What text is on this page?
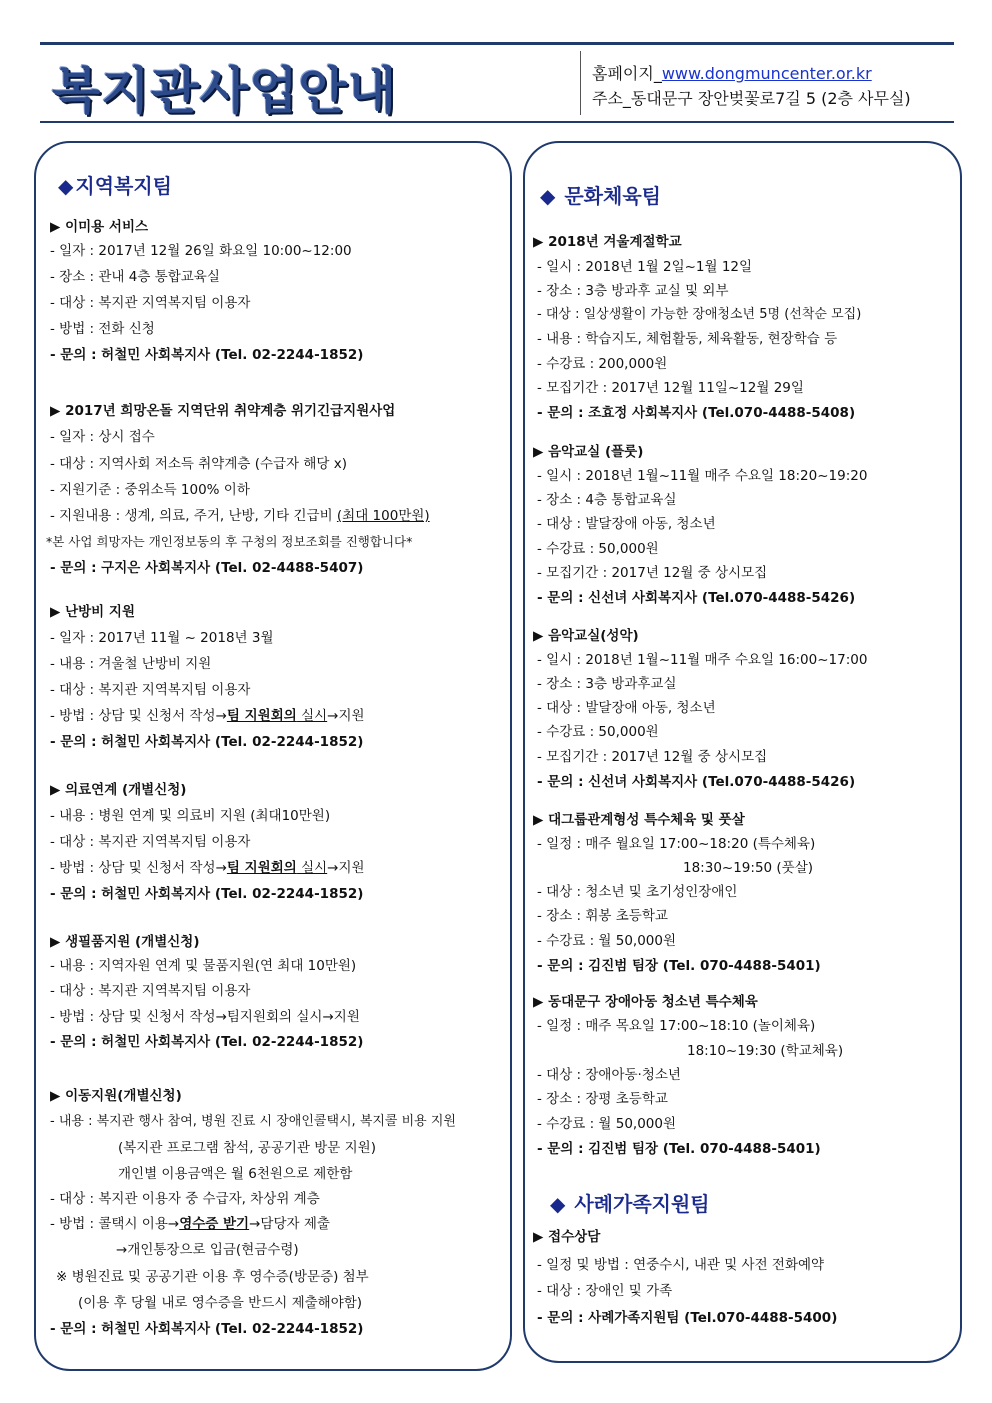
복지관사업안내	홈페이지_www.dongmuncenter.or.kr
주소_동대문구 장안벚꽃로7길 5 (2층 사무실)
◆ 지역복지팀
▶ 이미용 서비스
- 일자 : 2017년 12월 26일 화요일 10:00~12:00
- 장소 : 관내 4층 통합교육실
- 대상 : 복지관 지역복지팀 이용자
- 방법 : 전화 신청
- 문의 : 허철민 사회복지사 (Tel. 02-2244-1852)
▶ 2017년 희망온돌 지역단위 취약계층 위기긴급지원사업
- 일자 : 상시 접수
- 대상 : 지역사회 저소득 취약계층 (수급자 해당 x)
- 지원기준 : 중위소득 100% 이하
- 지원내용 : 생계, 의료, 주거, 난방, 기타 긴급비 (최대 100만원)
*본 사업 희망자는 개인정보동의 후 구청의 정보조회를 진행합니다*
- 문의 : 구지은 사회복지사 (Tel. 02-4488-5407)
▶ 난방비 지원
- 일자 : 2017년 11월 ~ 2018년 3월
- 내용 : 겨울철 난방비 지원
- 대상 : 복지관 지역복지팀 이용자
- 방법 : 상담 및 신청서 작성→팀 지원회의 실시→지원
- 문의 : 허철민 사회복지사 (Tel. 02-2244-1852)
▶ 의료연계 (개별신청)
- 내용 : 병원 연계 및 의료비 지원 (최대10만원)
- 대상 : 복지관 지역복지팀 이용자
- 방법 : 상담 및 신청서 작성→팀 지원회의 실시→지원
- 문의 : 허철민 사회복지사 (Tel. 02-2244-1852)
▶ 생필품지원 (개별신청)
- 내용 : 지역자원 연계 및 물품지원(연 최대 10만원)
- 대상 : 복지관 지역복지팀 이용자
- 방법 : 상담 및 신청서 작성→팀지원회의 실시→지원
- 문의 : 허철민 사회복지사 (Tel. 02-2244-1852)
▶ 이동지원(개별신청)
- 내용 : 복지관 행사 참여, 병원 진료 시 장애인콜택시, 복지콜 비용 지원
(복지관 프로그램 참석, 공공기관 방문 지원)
개인별 이용금액은 월 6천원으로 제한함
- 대상 : 복지관 이용자 중 수급자, 차상위 계층
- 방법 : 콜택시 이용→영수증 받기→담당자 제출
→개인통장으로 입금(현금수령)
※ 병원진료 및 공공기관 이용 후 영수증(방문증) 첨부
(이용 후 당월 내로 영수증을 반드시 제출해야함)
- 문의 : 허철민 사회복지사 (Tel. 02-2244-1852)
◆ 문화체육팀
▶ 2018년 겨울계절학교
- 일시 : 2018년 1월 2일~1월 12일
- 장소 : 3층 방과후 교실 및 외부
- 대상 : 일상생활이 가능한 장애청소년 5명 (선착순 모집)
- 내용 : 학습지도, 체험활동, 체육활동, 현장학습 등
- 수강료 : 200,000원
- 모집기간 : 2017년 12월 11일~12월 29일
- 문의 : 조효정 사회복지사 (Tel.070-4488-5408)
▶ 음악교실 (플룻)
- 일시 : 2018년 1월~11월 매주 수요일 18:20~19:20
- 장소 : 4층 통합교육실
- 대상 : 발달장애 아동, 청소년
- 수강료 : 50,000원
- 모집기간 : 2017년 12월 중 상시모집
- 문의 : 신선녀 사회복지사 (Tel.070-4488-5426)
▶ 음악교실(성악)
- 일시 : 2018년 1월~11월 매주 수요일 16:00~17:00
- 장소 : 3층 방과후교실
- 대상 : 발달장애 아동, 청소년
- 수강료 : 50,000원
- 모집기간 : 2017년 12월 중 상시모집
- 문의 : 신선녀 사회복지사 (Tel.070-4488-5426)
▶ 대그룹관계형성 특수체육 및 풋살
- 일정 : 매주 월요일 17:00~18:20 (특수체육)
18:30~19:50 (풋살)
- 대상 : 청소년 및 초기성인장애인
- 장소 : 휘봉 초등학교
- 수강료 : 월 50,000원
- 문의 : 김진범 팀장 (Tel. 070-4488-5401)
▶ 동대문구 장애아동 청소년 특수체육
- 일정 : 매주 목요일 17:00~18:10 (놀이체육)
18:10~19:30 (학교체육)
- 대상 : 장애아동·청소년
- 장소 : 장평 초등학교
- 수강료 : 월 50,000원
- 문의 : 김진범 팀장 (Tel. 070-4488-5401)
◆ 사례가족지원팀
▶ 접수상담
- 일정 및 방법 : 연중수시, 내관 및 사전 전화예약
- 대상 : 장애인 및 가족
- 문의 : 사례가족지원팀 (Tel.070-4488-5400)
